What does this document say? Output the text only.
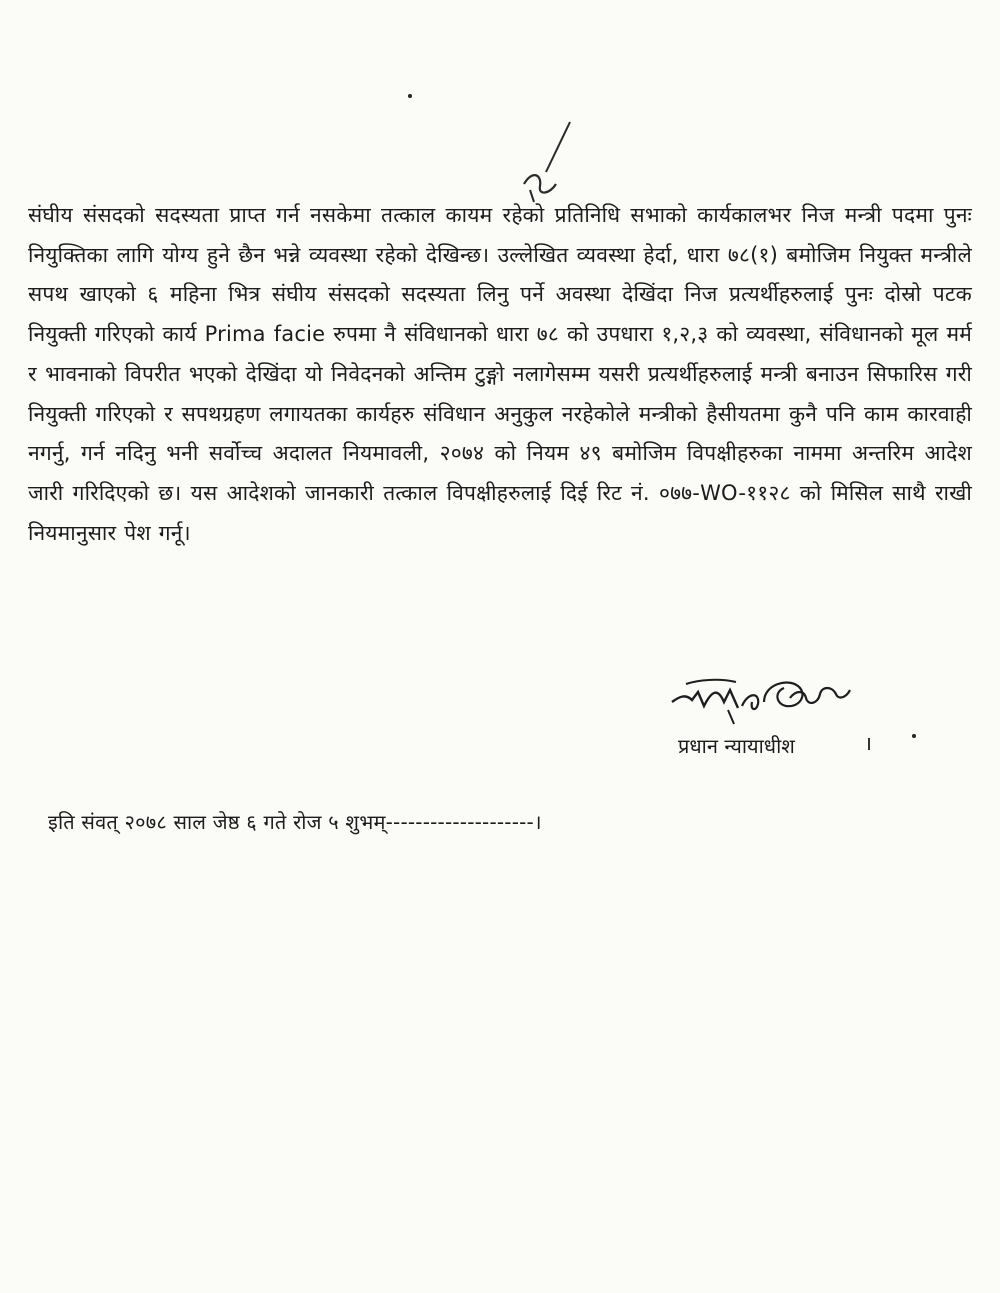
संघीय संसदको सदस्यता प्राप्त गर्न नसकेमा तत्काल कायम रहेको प्रतिनिधि सभाको कार्यकालभर निज मन्त्री पदमा पुनः नियुक्तिका लागि योग्य हुने छैन भन्ने व्यवस्था रहेको देखिन्छ। उल्लेखित व्यवस्था हेर्दा, धारा ७८(१) बमोजिम नियुक्त मन्त्रीले सपथ खाएको ६ महिना भित्र संघीय संसदको सदस्यता लिनु पर्ने अवस्था देखिंदा निज प्रत्यर्थीहरुलाई पुनः दोस्रो पटक नियुक्ती गरिएको कार्य Prima facie रुपमा नै संविधानको धारा ७८ को उपधारा १,२,३ को व्यवस्था, संविधानको मूल मर्म र भावनाको विपरीत भएको देखिंदा यो निवेदनको अन्तिम टुङ्गो नलागेसम्म यसरी प्रत्यर्थीहरुलाई मन्त्री बनाउन सिफारिस गरी नियुक्ती गरिएको र सपथग्रहण लगायतका कार्यहरु संविधान अनुकुल नरहेकोले मन्त्रीको हैसीयतमा कुनै पनि काम कारवाही नगर्नु, गर्न नदिनु भनी सर्वोच्च अदालत नियमावली, २०७४ को नियम ४९ बमोजिम विपक्षीहरुका नाममा अन्तरिम आदेश जारी गरिदिएको छ। यस आदेशको जानकारी तत्काल विपक्षीहरुलाई दिई रिट नं. ०७७-WO-११२८ को मिसिल साथै राखी नियमानुसार पेश गर्नू।

प्रधान न्यायाधीश
इति संवत् २०७८ साल जेष्ठ ६ गते रोज ५ शुभम्--------------------।
